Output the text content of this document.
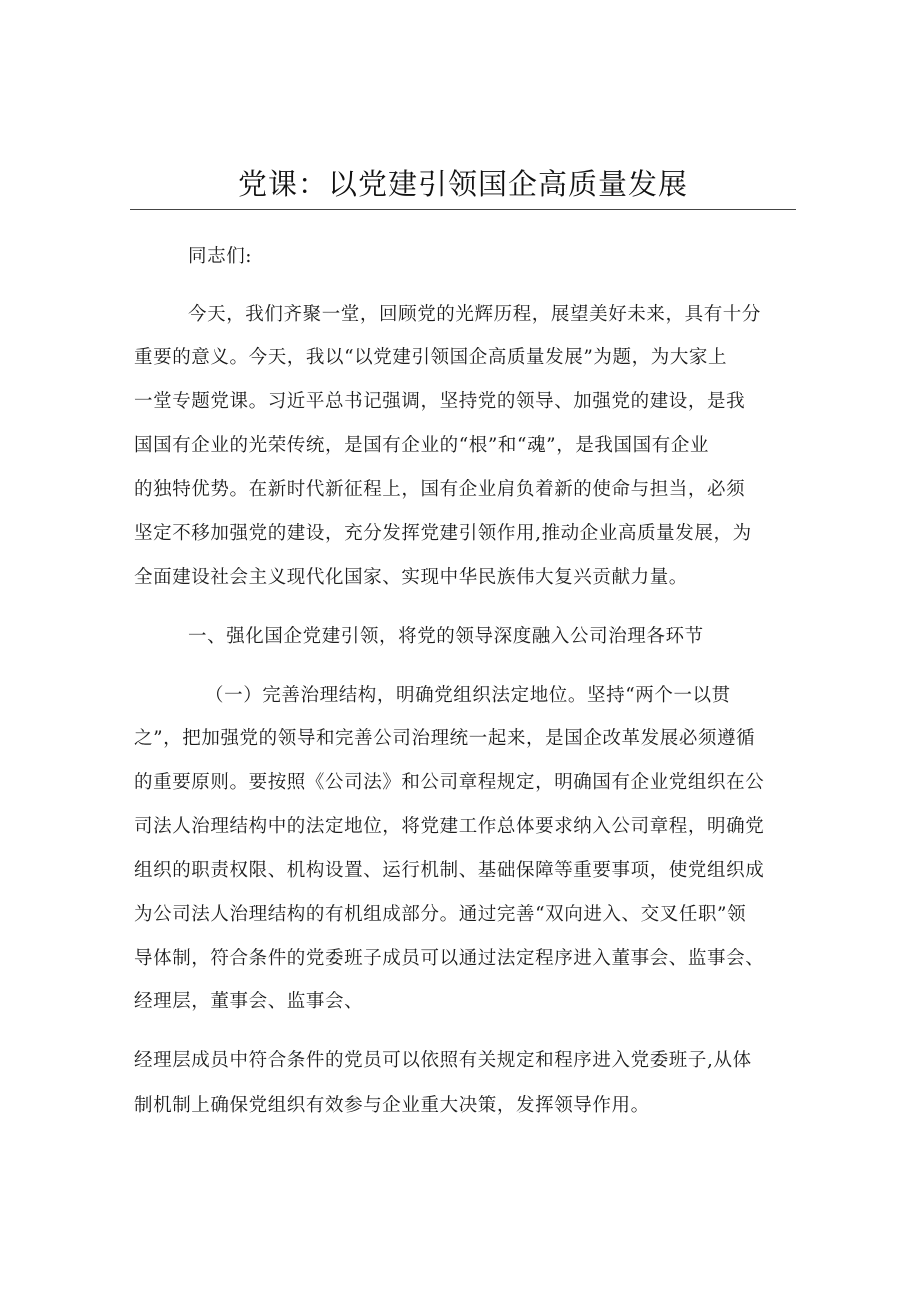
党课：以党建引领国企高质量发展
同志们:
今天，我们齐聚一堂，回顾党的光辉历程，展望美好未来，具有十分
重要的意义。今天，我以“以党建引领国企高质量发展”为题，为大家上
一堂专题党课。习近平总书记强调，坚持党的领导、加强党的建设，是我
国国有企业的光荣传统，是国有企业的“根”和“魂”，是我国国有企业
的独特优势。在新时代新征程上，国有企业肩负着新的使命与担当，必须
坚定不移加强党的建设，充分发挥党建引领作用,推动企业高质量发展，为
全面建设社会主义现代化国家、实现中华民族伟大复兴贡献力量。
一、强化国企党建引领，将党的领导深度融入公司治理各环节
（一）完善治理结构，明确党组织法定地位。坚持“两个一以贯
之”，把加强党的领导和完善公司治理统一起来，是国企改革发展必须遵循
的重要原则。要按照《公司法》和公司章程规定，明确国有企业党组织在公
司法人治理结构中的法定地位，将党建工作总体要求纳入公司章程，明确党
组织的职责权限、机构设置、运行机制、基础保障等重要事项，使党组织成
为公司法人治理结构的有机组成部分。通过完善“双向进入、交叉任职”领
导体制，符合条件的党委班子成员可以通过法定程序进入董事会、监事会、
经理层，董事会、监事会、
经理层成员中符合条件的党员可以依照有关规定和程序进入党委班子,从体
制机制上确保党组织有效参与企业重大决策，发挥领导作用。
